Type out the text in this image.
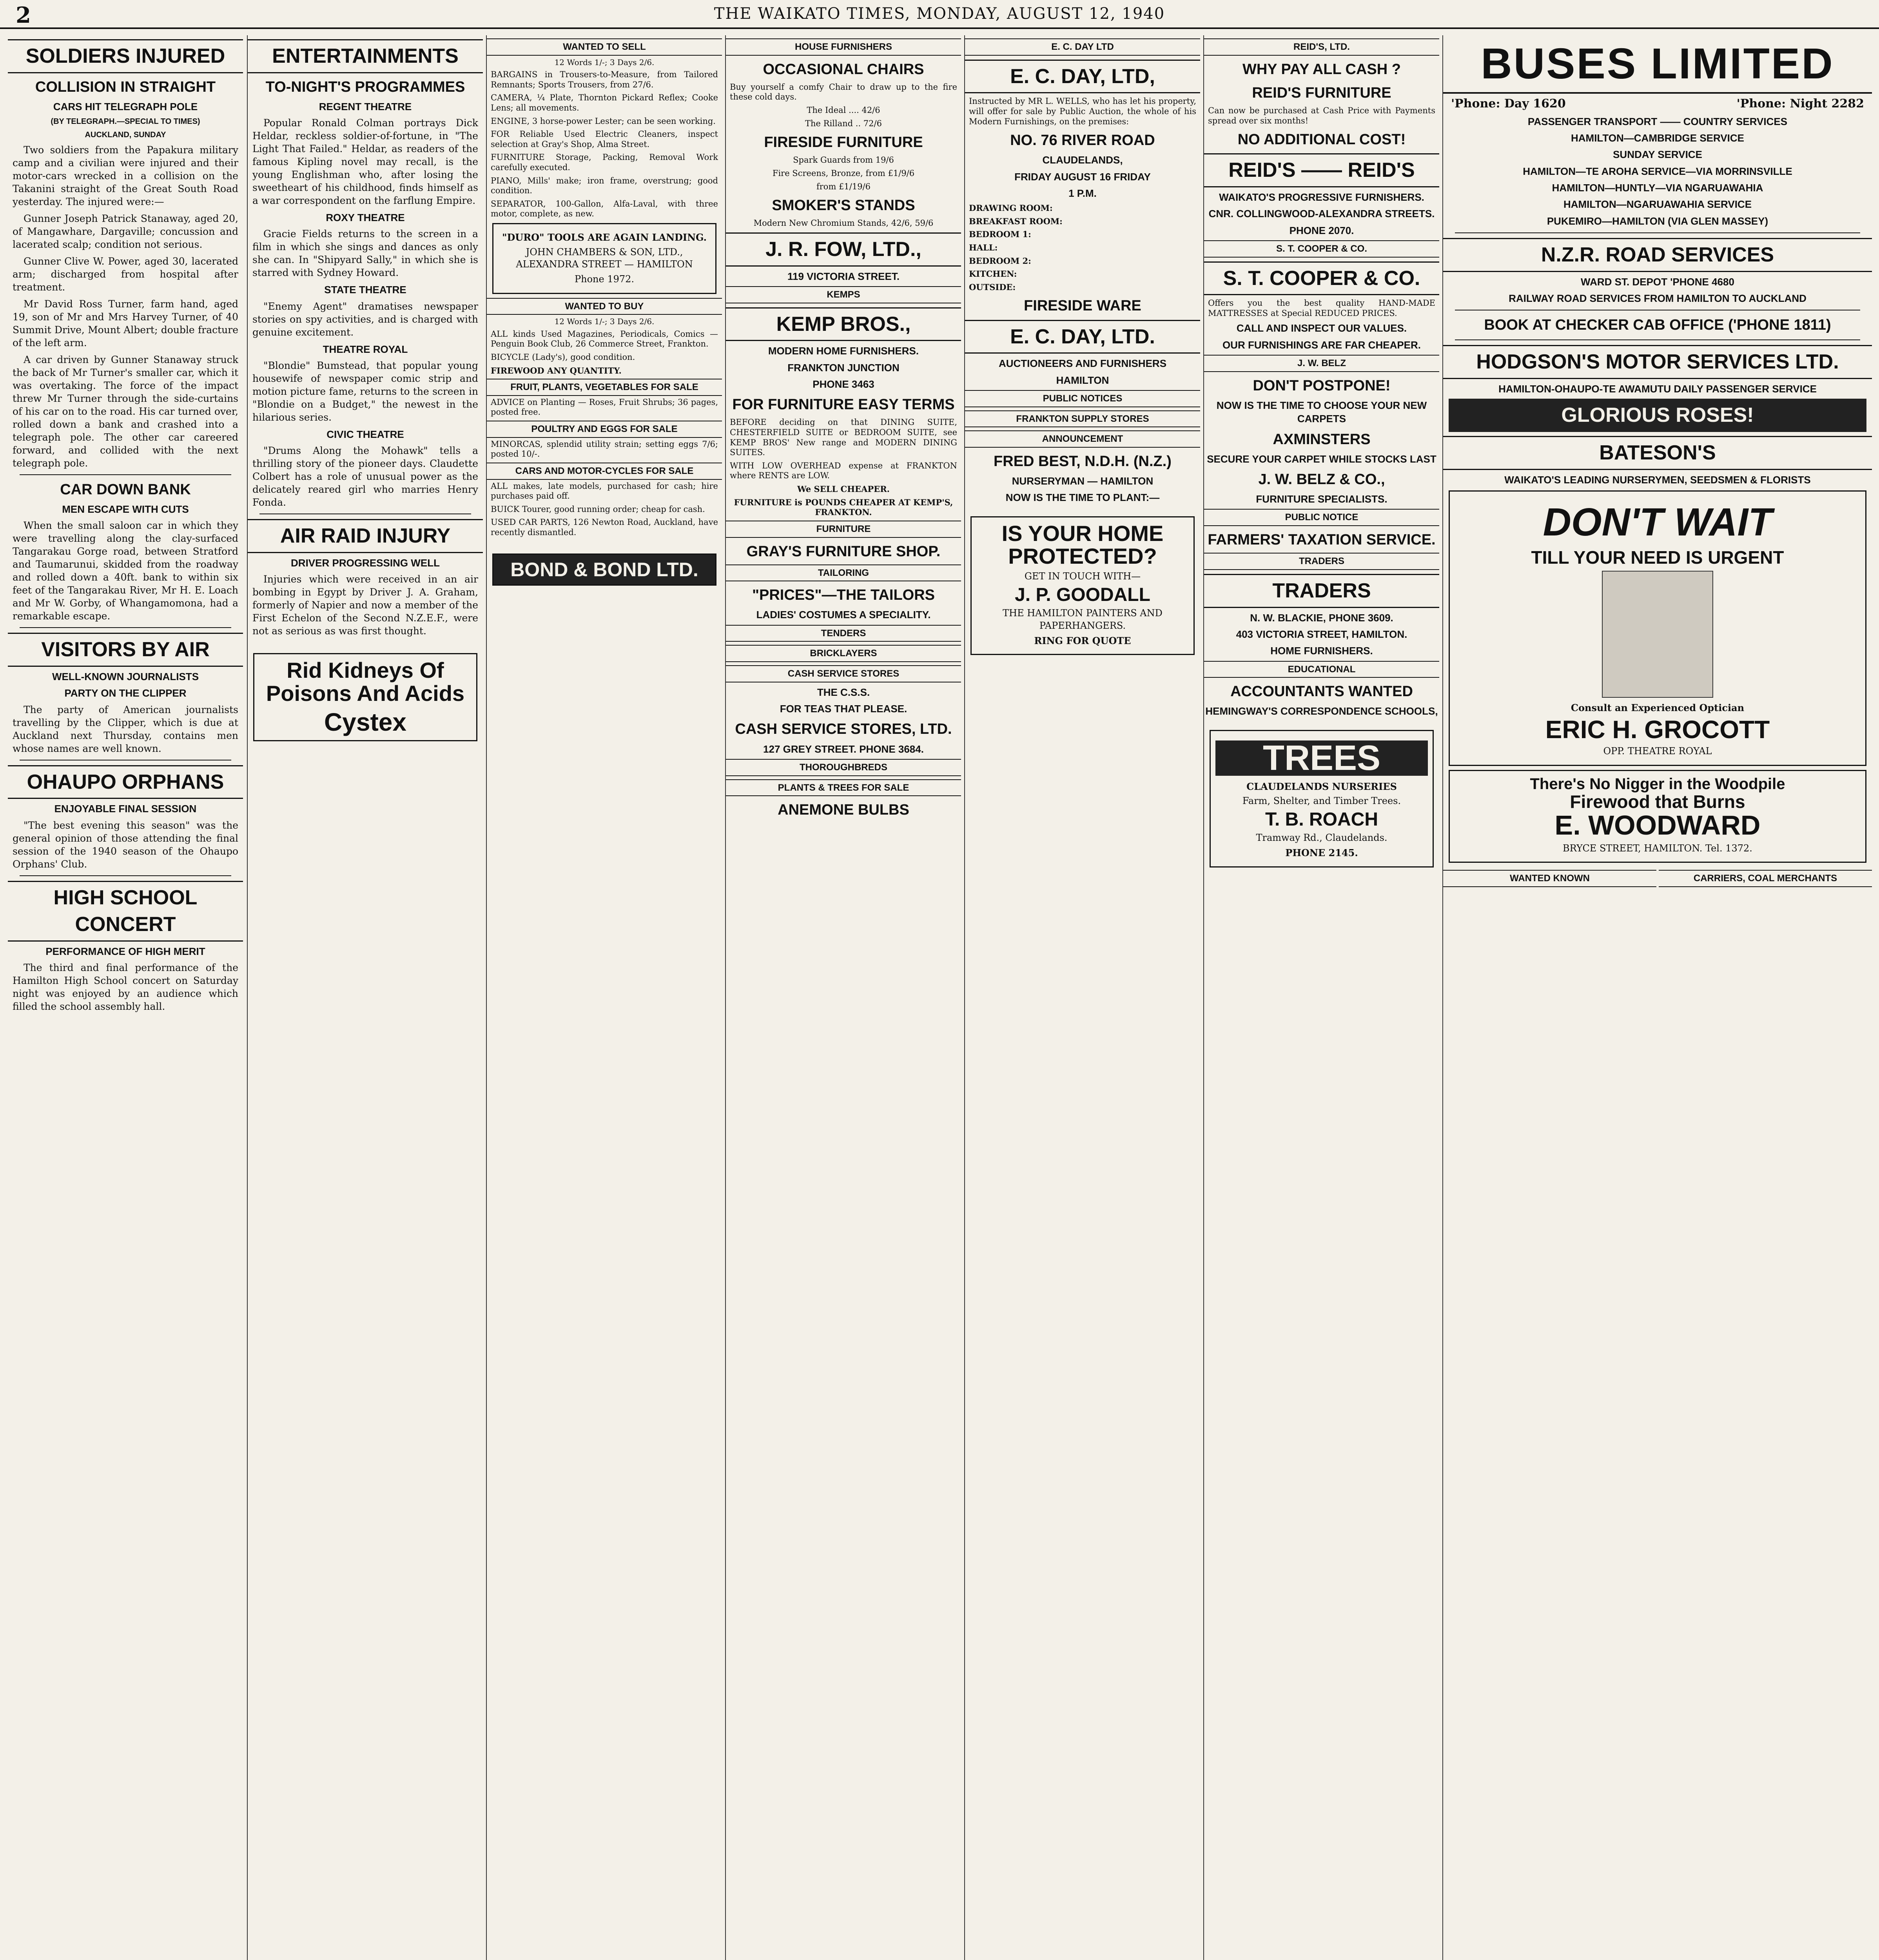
2	THE WAIKATO TIMES, MONDAY, AUGUST 12, 1940
SOLDIERS INJURED
COLLISION IN STRAIGHT
CARS HIT TELEGRAPH POLE
(BY TELEGRAPH.—SPECIAL TO TIMES)
AUCKLAND, SUNDAY

Two soldiers from the Papakura military camp and a civilian were injured and their motor-cars wrecked in a collision on the Takanini straight of the Great South Road yesterday. The injured were:—

Gunner Joseph Patrick Stanaway, aged 20, of Mangawhare, Dargaville; concussion and lacerated scalp; condition not serious.

Gunner Clive W. Power, aged 30, lacerated arm; discharged from hospital after treatment.

Mr David Ross Turner, farm hand, aged 19, son of Mr and Mrs Harvey Turner, of 40 Summit Drive, Mount Albert; double fracture of the left arm.

A car driven by Gunner Stanaway struck the back of Mr Turner's smaller car, which it was overtaking. The force of the impact threw Mr Turner through the side-curtains of his car on to the road. His car turned over, rolled down a bank and crashed into a telegraph pole. The other car careered forward, and collided with the next telegraph pole.

CAR DOWN BANK
MEN ESCAPE WITH CUTS

When the small saloon car in which they were travelling along the clay-surfaced Tangarakau Gorge road, between Stratford and Taumarunui, skidded from the roadway and rolled down a 40ft. bank to within six feet of the Tangarakau River, Mr H. E. Loach and Mr W. Gorby, of Whangamomona, had a remarkable escape.

VISITORS BY AIR
WELL-KNOWN JOURNALISTS
PARTY ON THE CLIPPER

The party of American journalists travelling by the Clipper, which is due at Auckland next Thursday, contains men whose names are well known.

OHAUPO ORPHANS
ENJOYABLE FINAL SESSION

"The best evening this season" was the general opinion of those attending the final session of the 1940 season of the Ohaupo Orphans' Club.

HIGH SCHOOL CONCERT
PERFORMANCE OF HIGH MERIT

The third and final performance of the Hamilton High School concert on Saturday night was enjoyed by an audience which filled the school assembly hall.

ENTERTAINMENTS
TO-NIGHT'S PROGRAMMES
REGENT THEATRE

Popular Ronald Colman portrays Dick Heldar, reckless soldier-of-fortune, in "The Light That Failed." Heldar, as readers of the famous Kipling novel may recall, is the young Englishman who, after losing the sweetheart of his childhood, finds himself as a war correspondent on the farflung Empire.

ROXY THEATRE

Gracie Fields returns to the screen in a film in which she sings and dances as only she can. In "Shipyard Sally," in which she is starred with Sydney Howard.

STATE THEATRE

"Enemy Agent" dramatises newspaper stories on spy activities, and is charged with genuine excitement.

THEATRE ROYAL

"Blondie" Bumstead, that popular young housewife of newspaper comic strip and motion picture fame, returns to the screen in "Blondie on a Budget," the newest in the hilarious series.

CIVIC THEATRE

"Drums Along the Mohawk" tells a thrilling story of the pioneer days. Claudette Colbert has a role of unusual power as the delicately reared girl who marries Henry Fonda.

AIR RAID INJURY
DRIVER PROGRESSING WELL

Injuries which were received in an air bombing in Egypt by Driver J. A. Graham, formerly of Napier and now a member of the First Echelon of the Second N.Z.E.F., were not as serious as was first thought.

Rid Kidneys Of Poisons And Acids
Cystex
WANTED TO SELL
12 Words 1/-; 3 Days 2/6.
BARGAINS in Trousers-to-Measure, from Tailored Remnants; Sports Trousers, from 27/6.
CAMERA, ¼ Plate, Thornton Pickard Reflex; Cooke Lens; all movements.
ENGINE, 3 horse-power Lester; can be seen working.
FOR Reliable Used Electric Cleaners, inspect selection at Gray's Shop, Alma Street.
FURNITURE Storage, Packing, Removal Work carefully executed.
PIANO, Mills' make; iron frame, overstrung; good condition.
SEPARATOR, 100-Gallon, Alfa-Laval, with three motor, complete, as new.
"DURO" TOOLS ARE AGAIN LANDING.
JOHN CHAMBERS & SON, LTD., ALEXANDRA STREET — HAMILTON
Phone 1972.
WANTED TO BUY
12 Words 1/-; 3 Days 2/6.
ALL kinds Used Magazines, Periodicals, Comics — Penguin Book Club, 26 Commerce Street, Frankton.
BICYCLE (Lady's), good condition.
FIREWOOD ANY QUANTITY.
FRUIT, PLANTS, VEGETABLES FOR SALE
ADVICE on Planting — Roses, Fruit Shrubs; 36 pages, posted free.
POULTRY AND EGGS FOR SALE
MINORCAS, splendid utility strain; setting eggs 7/6; posted 10/-.
CARS AND MOTOR-CYCLES FOR SALE
ALL makes, late models, purchased for cash; hire purchases paid off.
BUICK Tourer, good running order; cheap for cash.
USED CAR PARTS, 126 Newton Road, Auckland, have recently dismantled.
BOND & BOND LTD.
HOUSE FURNISHERS
OCCASIONAL CHAIRS
Buy yourself a comfy Chair to draw up to the fire these cold days.
The Ideal .... 42/6
The Rilland .. 72/6
FIRESIDE FURNITURE
Spark Guards from 19/6
Fire Screens, Bronze, from £1/9/6
from £1/19/6
SMOKER'S STANDS
Modern New Chromium Stands, 42/6, 59/6
J. R. FOW, LTD.,
119 VICTORIA STREET.
KEMPS
KEMP BROS.,
MODERN HOME FURNISHERS.
FRANKTON JUNCTION
PHONE 3463
FOR FURNITURE EASY TERMS
BEFORE deciding on that DINING SUITE, CHESTERFIELD SUITE or BEDROOM SUITE, see KEMP BROS' New range and MODERN DINING SUITES.
WITH LOW OVERHEAD expense at FRANKTON where RENTS are LOW.
We SELL CHEAPER.
FURNITURE is POUNDS CHEAPER AT KEMP'S, FRANKTON.
FURNITURE
GRAY'S FURNITURE SHOP.
TAILORING
"PRICES"—THE TAILORS
LADIES' COSTUMES A SPECIALITY.
TENDERS
BRICKLAYERS
CASH SERVICE STORES
THE C.S.S.
FOR TEAS THAT PLEASE.
CASH SERVICE STORES, LTD.
127 GREY STREET. PHONE 3684.
THOROUGHBREDS
PLANTS & TREES FOR SALE
ANEMONE BULBS
E. C. DAY LTD
E. C. DAY, LTD,
Instructed by MR L. WELLS, who has let his property, will offer for sale by Public Auction, the whole of his Modern Furnishings, on the premises:
NO. 76 RIVER ROAD
CLAUDELANDS,
FRIDAY AUGUST 16 FRIDAY
1 P.M.
DRAWING ROOM:
BREAKFAST ROOM:
BEDROOM 1:
HALL:
BEDROOM 2:
KITCHEN:
OUTSIDE:
FIRESIDE WARE
E. C. DAY, LTD.
AUCTIONEERS AND FURNISHERS
HAMILTON
PUBLIC NOTICES
FRANKTON SUPPLY STORES
ANNOUNCEMENT
FRED BEST, N.D.H. (N.Z.)
NURSERYMAN — HAMILTON
NOW IS THE TIME TO PLANT:—
IS YOUR HOME PROTECTED?
GET IN TOUCH WITH—
J. P. GOODALL
THE HAMILTON PAINTERS AND PAPERHANGERS.
RING FOR QUOTE
REID'S, LTD.
WHY PAY ALL CASH ?
REID'S FURNITURE
Can now be purchased at Cash Price with Payments spread over six months!
NO ADDITIONAL COST!
REID'S —— REID'S
WAIKATO'S PROGRESSIVE FURNISHERS.
CNR. COLLINGWOOD-ALEXANDRA STREETS.
PHONE 2070.
S. T. COOPER & CO.
S. T. COOPER & CO.
Offers you the best quality HAND-MADE MATTRESSES at Special REDUCED PRICES.
CALL AND INSPECT OUR VALUES.
OUR FURNISHINGS ARE FAR CHEAPER.
J. W. BELZ
DON'T POSTPONE!
NOW IS THE TIME TO CHOOSE YOUR NEW CARPETS
AXMINSTERS
SECURE YOUR CARPET WHILE STOCKS LAST
J. W. BELZ & CO.,
FURNITURE SPECIALISTS.
PUBLIC NOTICE
FARMERS' TAXATION SERVICE.
TRADERS
TRADERS
N. W. BLACKIE, PHONE 3609.
403 VICTORIA STREET, HAMILTON.
HOME FURNISHERS.
EDUCATIONAL
ACCOUNTANTS WANTED
HEMINGWAY'S CORRESPONDENCE SCHOOLS,
TREES
CLAUDELANDS NURSERIES
Farm, Shelter, and Timber Trees.
T. B. ROACH
Tramway Rd., Claudelands.
PHONE 2145.
BUSES LIMITED
'Phone: Day 1620	'Phone: Night 2282
PASSENGER TRANSPORT —— COUNTRY SERVICES
HAMILTON—CAMBRIDGE SERVICE
SUNDAY SERVICE
HAMILTON—TE AROHA SERVICE—VIA MORRINSVILLE
HAMILTON—HUNTLY—VIA NGARUAWAHIA
HAMILTON—NGARUAWAHIA SERVICE
PUKEMIRO—HAMILTON (VIA GLEN MASSEY)
N.Z.R. ROAD SERVICES
WARD ST. DEPOT 'PHONE 4680
RAILWAY ROAD SERVICES FROM HAMILTON TO AUCKLAND
BOOK AT CHECKER CAB OFFICE ('PHONE 1811)
HODGSON'S MOTOR SERVICES LTD.
HAMILTON-OHAUPO-TE AWAMUTU DAILY PASSENGER SERVICE
GLORIOUS ROSES!
BATESON'S
WAIKATO'S LEADING NURSERYMEN, SEEDSMEN & FLORISTS
DON'T WAIT
TILL YOUR NEED IS URGENT
Consult an Experienced Optician
ERIC H. GROCOTT
OPP. THEATRE ROYAL
There's No Nigger in the Woodpile
Firewood that Burns
E. WOODWARD
BRYCE STREET, HAMILTON. Tel. 1372.
WANTED KNOWN	CARRIERS, COAL MERCHANTS
